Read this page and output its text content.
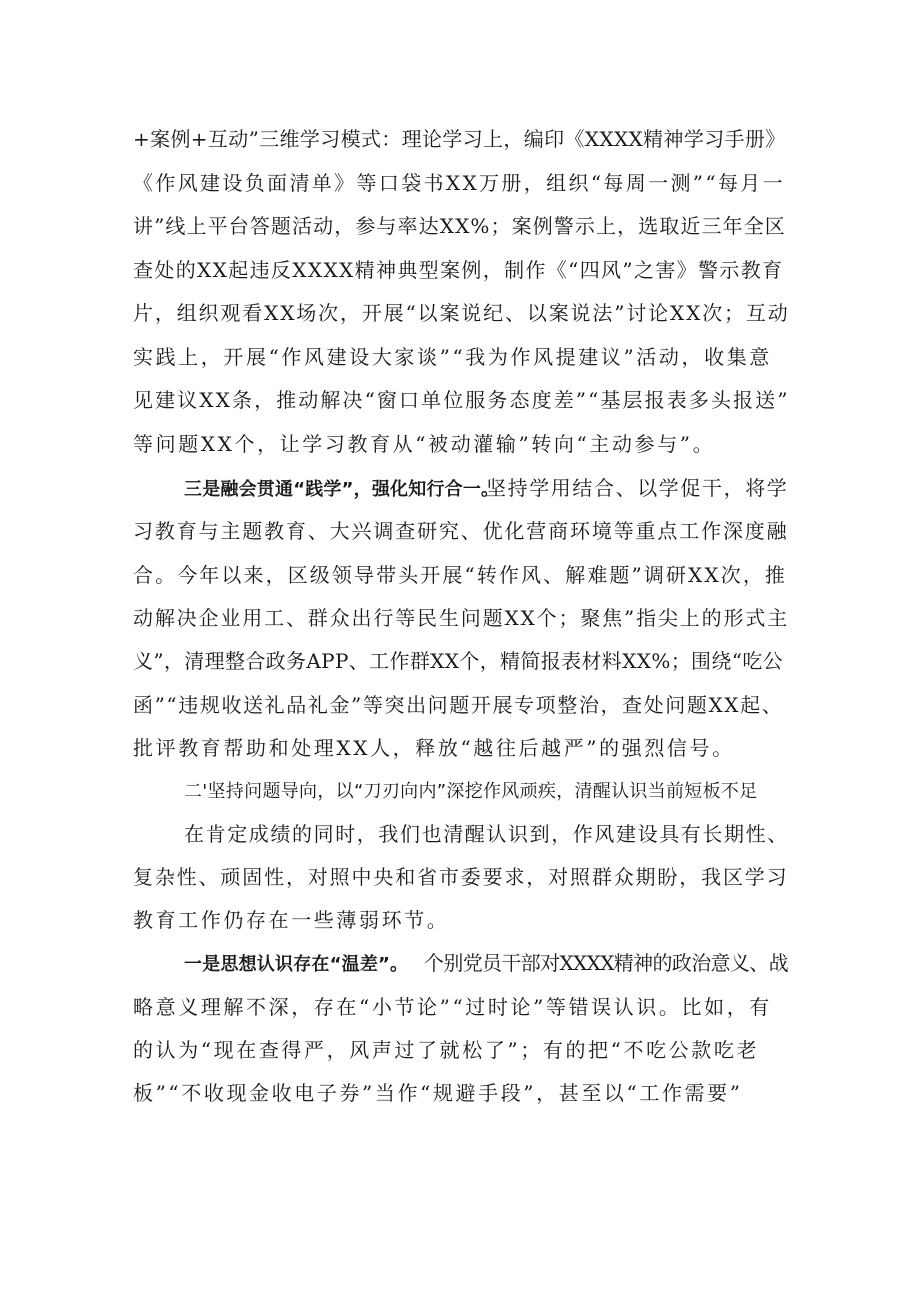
+案例+互动”三维学习模式：理论学习上，编印《XXXX精神学习手册》
《作风建设负面清单》等口袋书XX万册，组织“每周一测”“每月一
讲”线上平台答题活动，参与率达XX%；案例警示上，选取近三年全区
查处的XX起违反XXXX精神典型案例，制作《“四风”之害》警示教育
片，组织观看XX场次，开展“以案说纪、以案说法”讨论XX次；互动
实践上，开展“作风建设大家谈”“我为作风提建议”活动，收集意
见建议XX条，推动解决“窗口单位服务态度差”“基层报表多头报送”
等问题XX个，让学习教育从“被动灌输”转向“主动参与”。
三是融会贯通“践学”，强化知行合一。
坚持学用结合、以学促干，将学
习教育与主题教育、大兴调查研究、优化营商环境等重点工作深度融
合。今年以来，区级领导带头开展“转作风、解难题”调研XX次，推
动解决企业用工、群众出行等民生问题XX个；聚焦”指尖上的形式主
义”，清理整合政务APP、工作群XX个，精简报表材料XX%；围绕“吃公
函”“违规收送礼品礼金”等突出问题开展专项整治，查处问题XX起、
批评教育帮助和处理XX人，释放“越往后越严”的强烈信号。
二'坚持问题导向，以“刀刃向内”深挖作风顽疾，清醒认识当前短板不足
在肯定成绩的同时，我们也清醒认识到，作风建设具有长期性、
复杂性、顽固性，对照中央和省市委要求，对照群众期盼，我区学习
教育工作仍存在一些薄弱环节。
一是思想认识存在“温差”。 个别党员干部对XXXX精神的政治意义、战
略意义理解不深，存在“小节论”“过时论”等错误认识。比如，有
的认为“现在查得严，风声过了就松了”；有的把“不吃公款吃老
板”“不收现金收电子券”当作“规避手段”，甚至以“工作需要”
